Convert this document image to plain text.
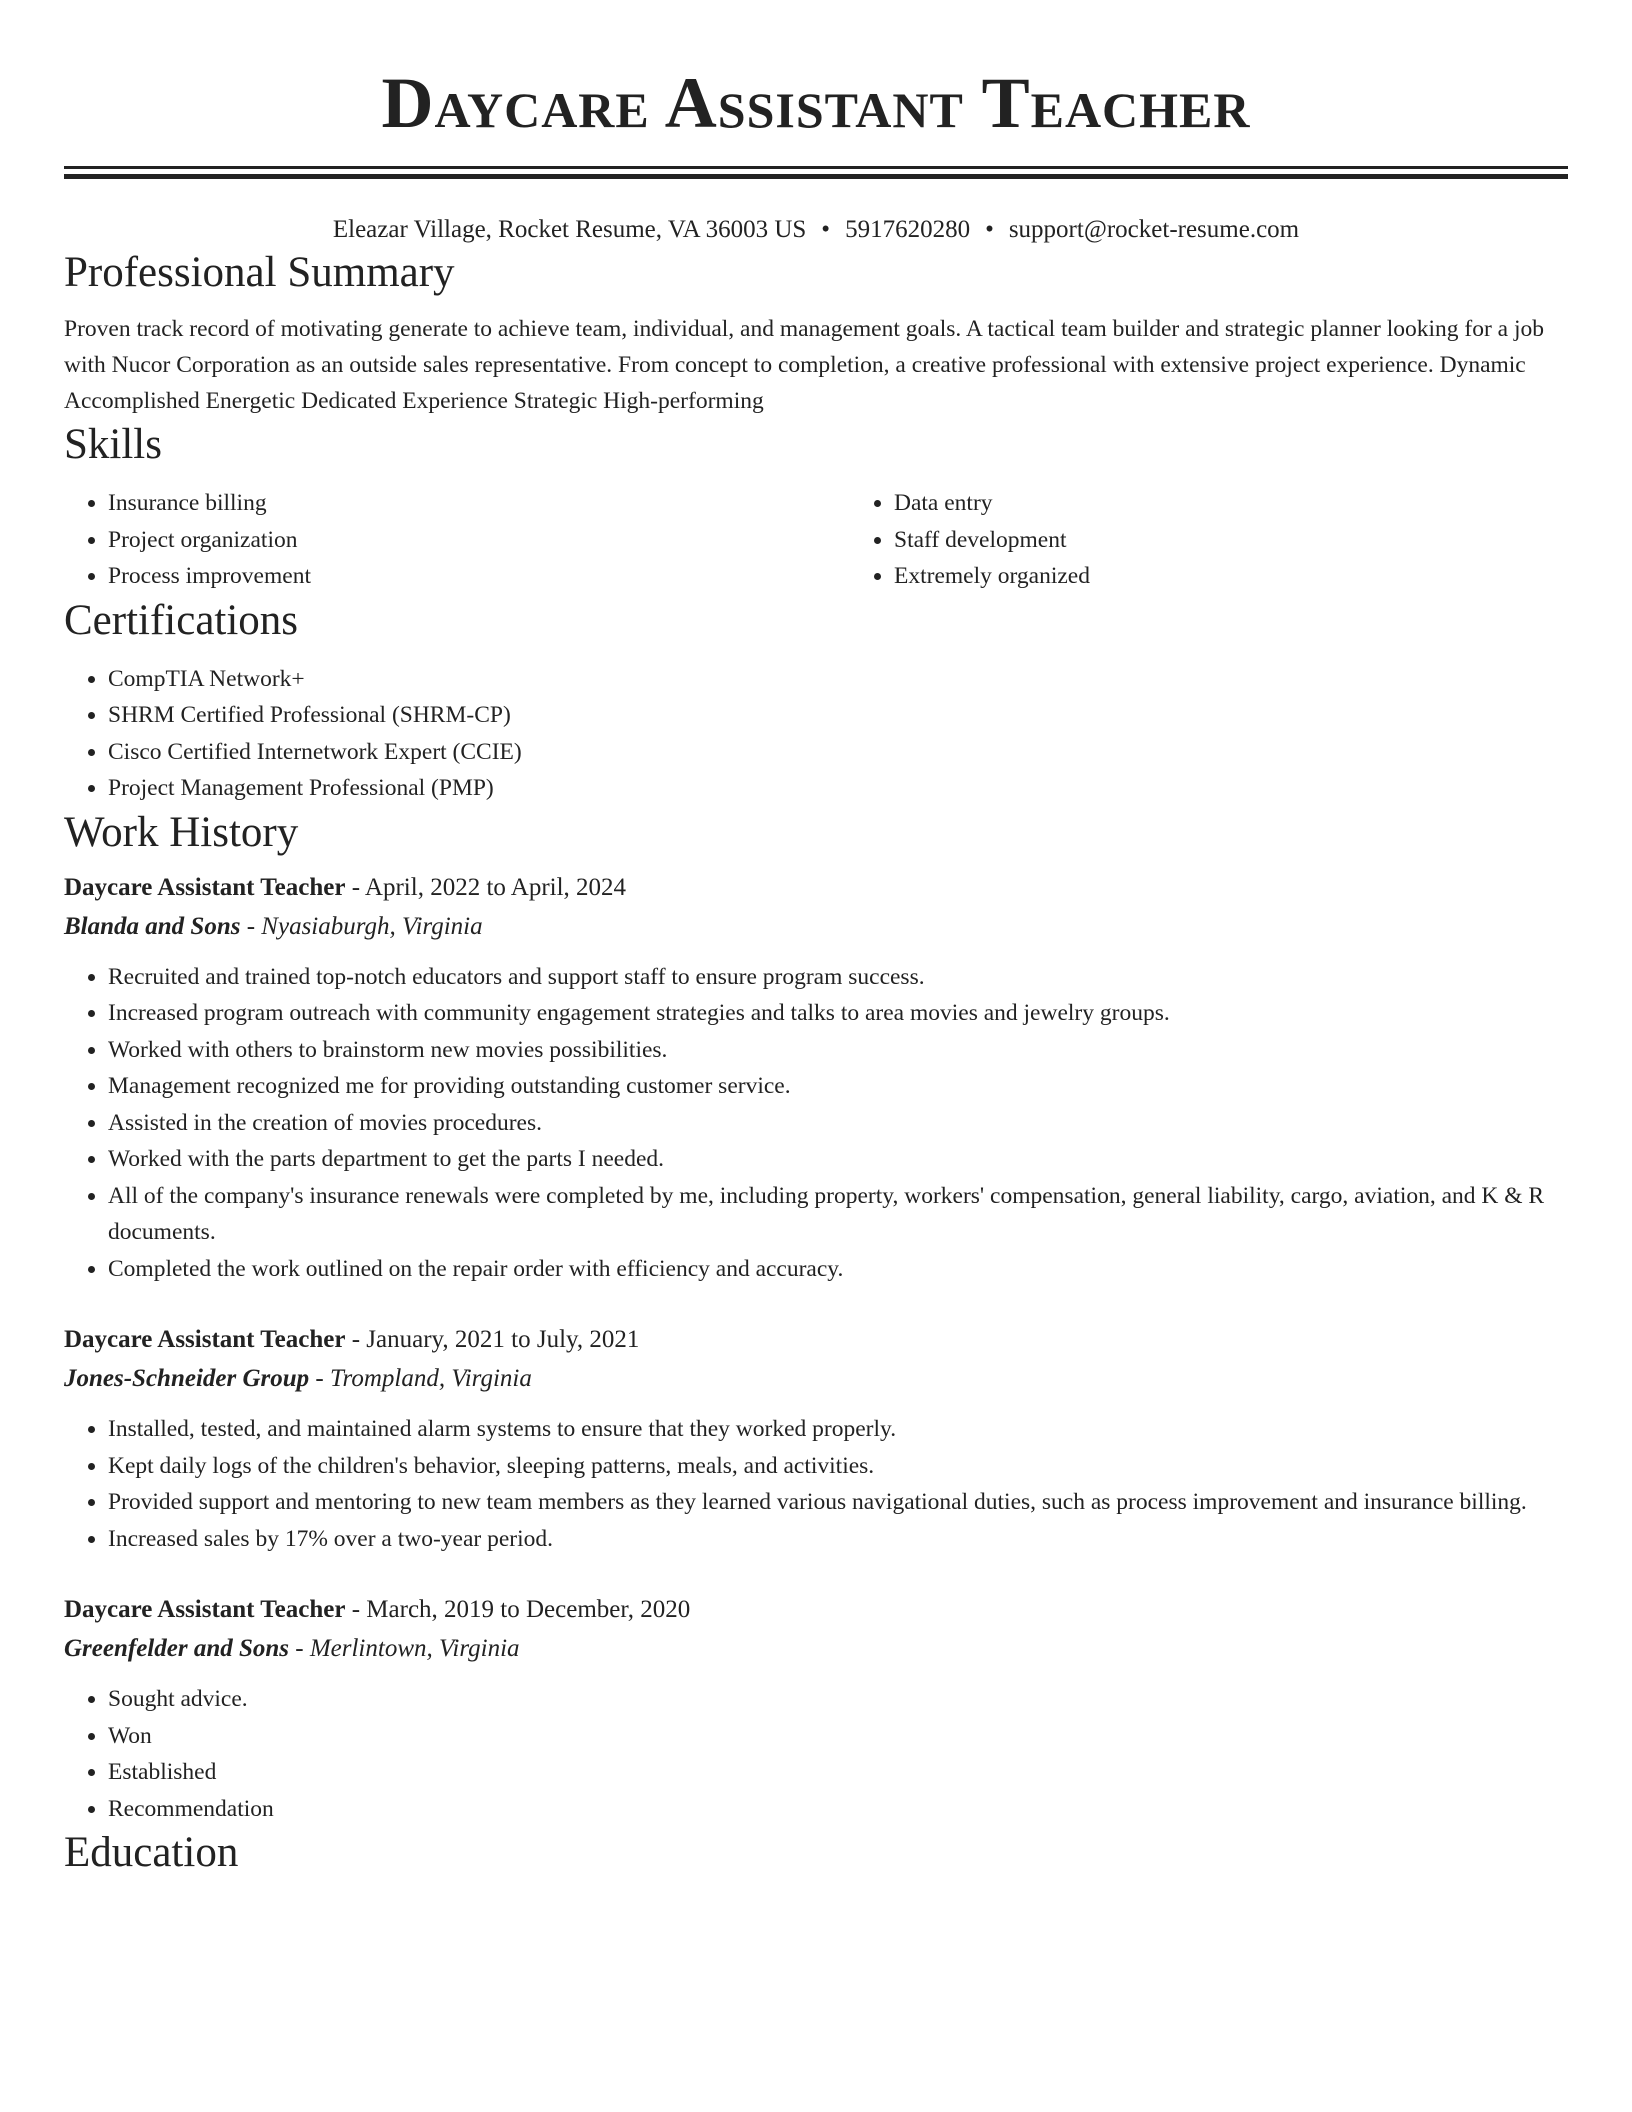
Daycare Assistant Teacher
Eleazar Village, Rocket Resume, VA 36003 US • 5917620280 • support@rocket-resume.com
Professional Summary
Proven track record of motivating generate to achieve team, individual, and management goals. A tactical team builder and strategic planner looking for a job with Nucor Corporation as an outside sales representative. From concept to completion, a creative professional with extensive project experience. Dynamic Accomplished Energetic Dedicated Experience Strategic High-performing
Skills
• Insurance billing
• Project organization
• Process improvement
• Data entry
• Staff development
• Extremely organized
Certifications
• CompTIA Network+
• SHRM Certified Professional (SHRM-CP)
• Cisco Certified Internetwork Expert (CCIE)
• Project Management Professional (PMP)
Work History
Daycare Assistant Teacher - April, 2022 to April, 2024
Blanda and Sons - Nyasiaburgh, Virginia
• Recruited and trained top-notch educators and support staff to ensure program success.
• Increased program outreach with community engagement strategies and talks to area movies and jewelry groups.
• Worked with others to brainstorm new movies possibilities.
• Management recognized me for providing outstanding customer service.
• Assisted in the creation of movies procedures.
• Worked with the parts department to get the parts I needed.
• All of the company's insurance renewals were completed by me, including property, workers' compensation, general liability, cargo, aviation, and K & R documents.
• Completed the work outlined on the repair order with efficiency and accuracy.
Daycare Assistant Teacher - January, 2021 to July, 2021
Jones-Schneider Group - Trompland, Virginia
• Installed, tested, and maintained alarm systems to ensure that they worked properly.
• Kept daily logs of the children's behavior, sleeping patterns, meals, and activities.
• Provided support and mentoring to new team members as they learned various navigational duties, such as process improvement and insurance billing.
• Increased sales by 17% over a two-year period.
Daycare Assistant Teacher - March, 2019 to December, 2020
Greenfelder and Sons - Merlintown, Virginia
• Sought advice.
• Won
• Established
• Recommendation
Education
